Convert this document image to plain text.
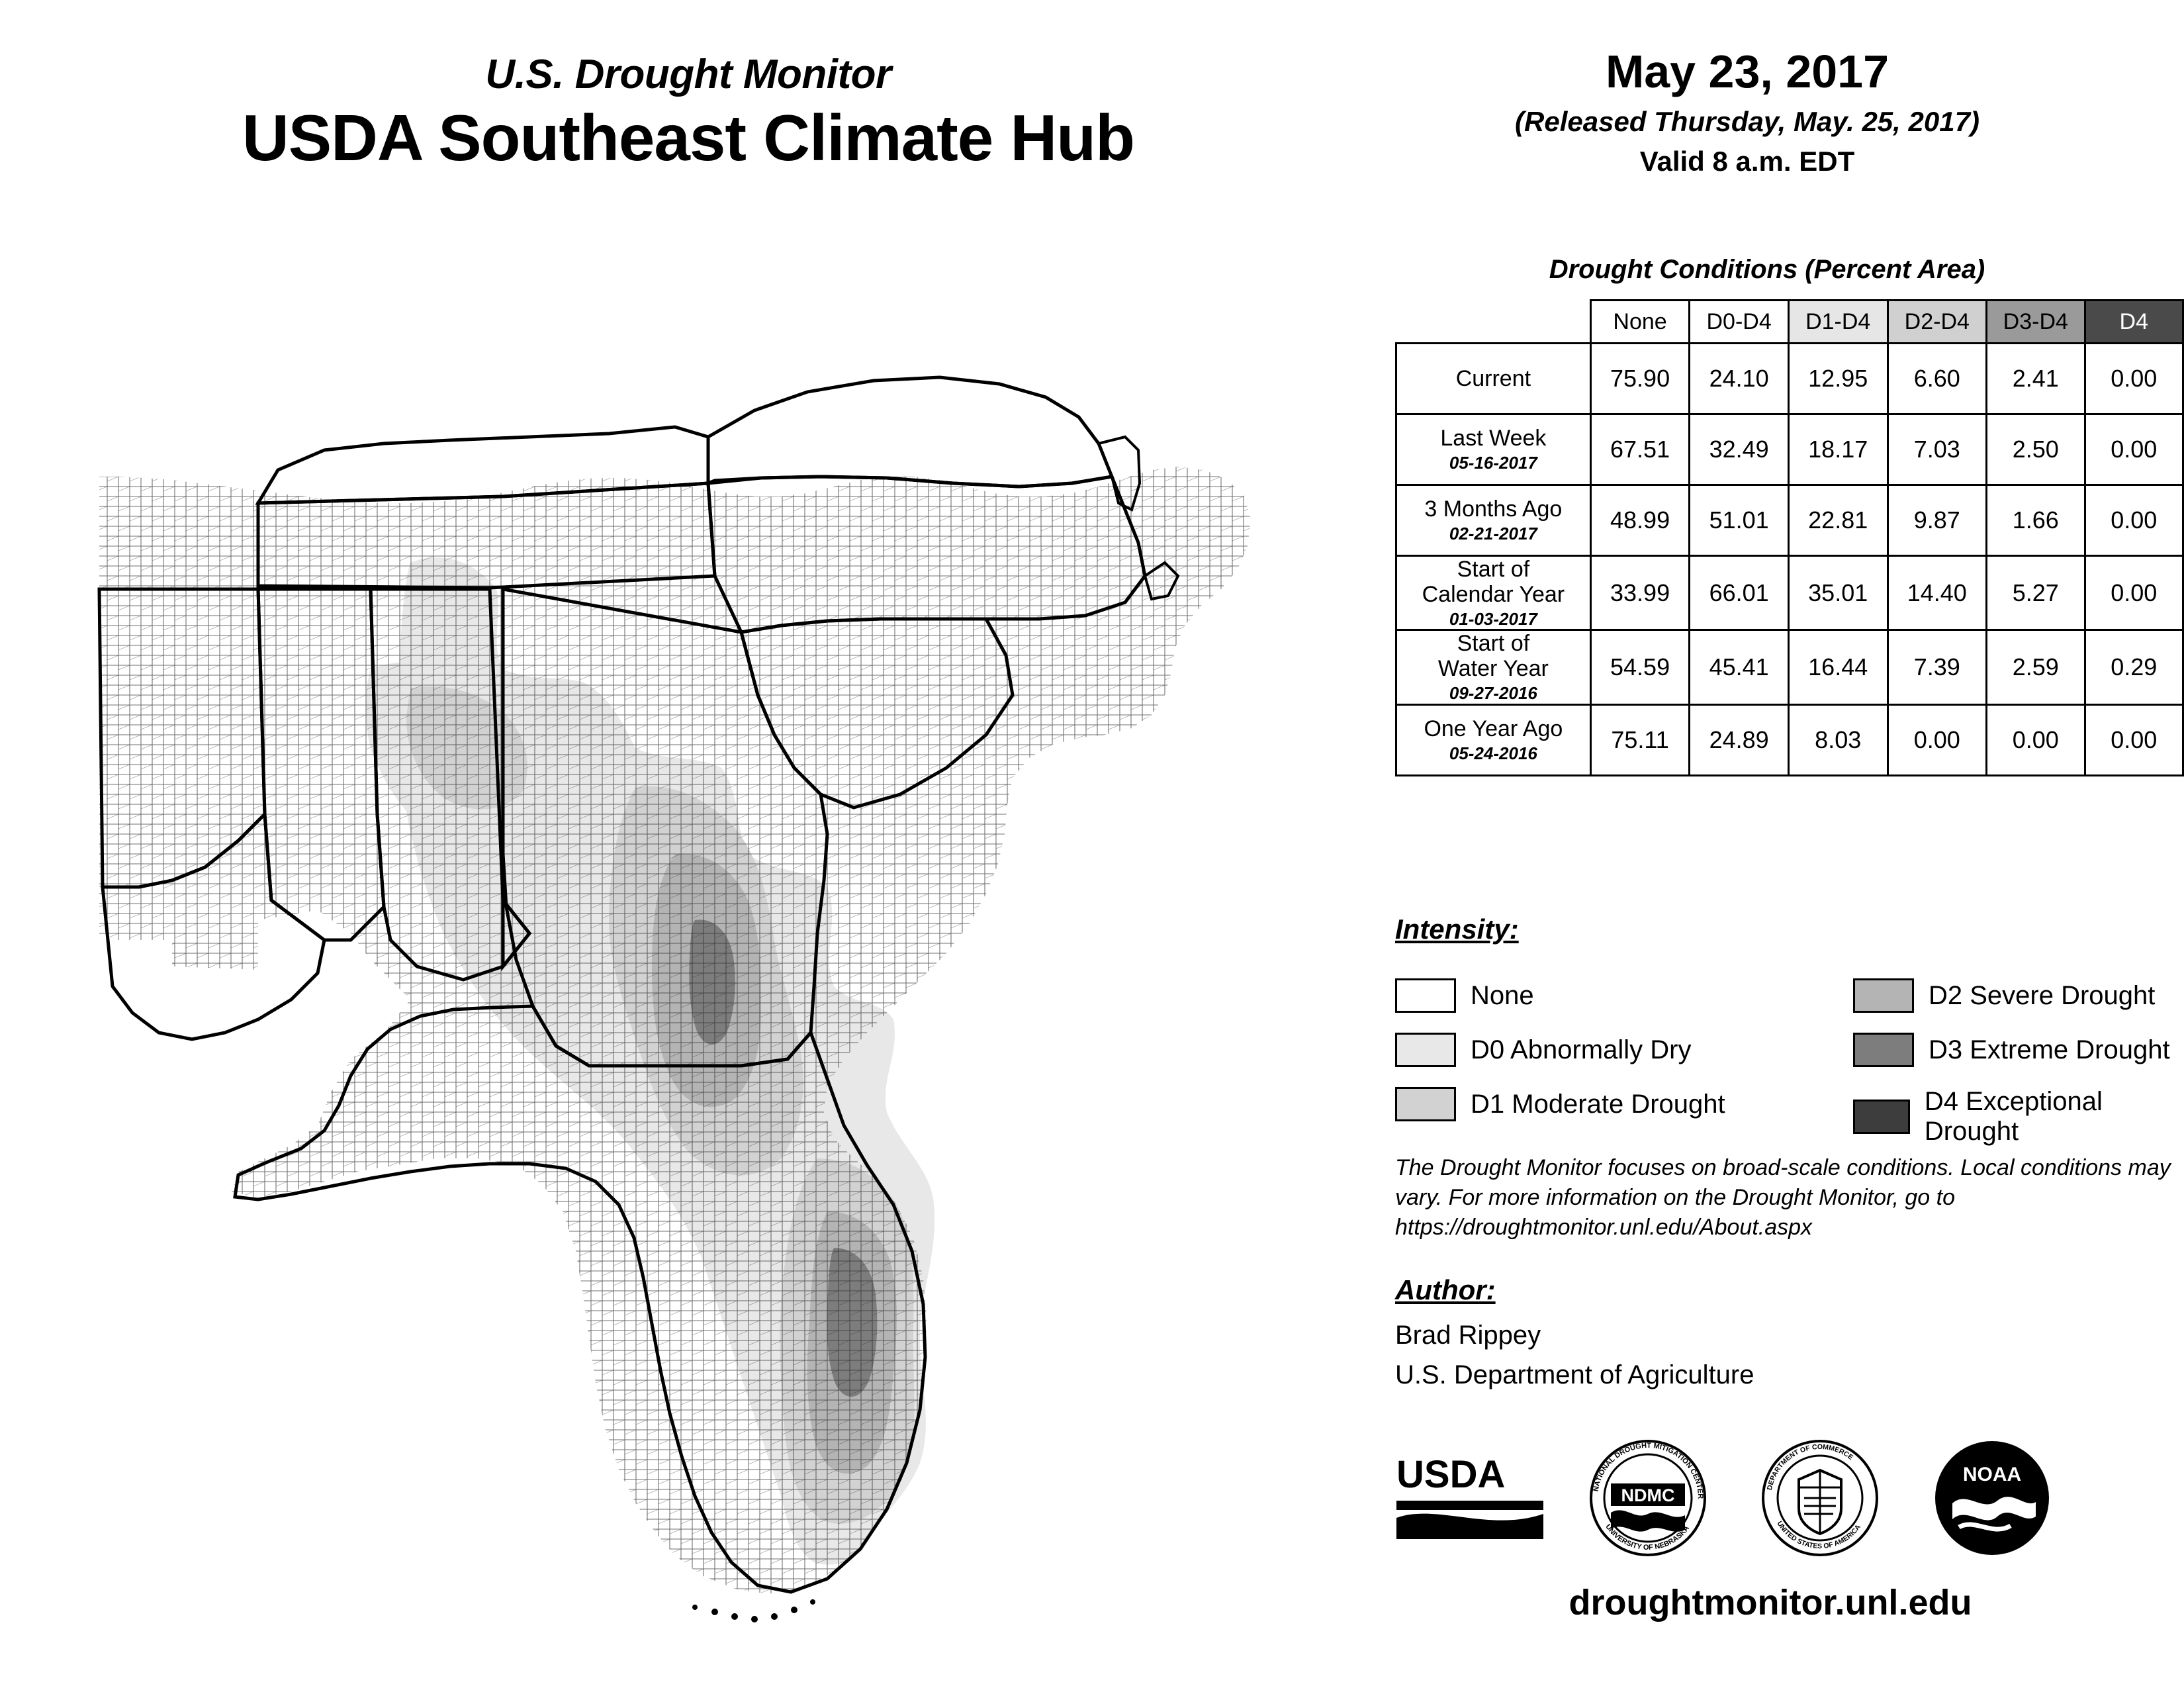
U.S. Drought Monitor
USDA Southeast Climate Hub
May 23, 2017
(Released Thursday, May. 25, 2017)
Valid 8 a.m. EDT
Drought Conditions (Percent Area)
	None	D0-D4	D1-D4	D2-D4	D3-D4	D4
Current	75.90	24.10	12.95	6.60	2.41	0.00
Last Week
05-16-2017	67.51	32.49	18.17	7.03	2.50	0.00
3 Months Ago
02-21-2017	48.99	51.01	22.81	9.87	1.66	0.00
Start of
Calendar Year
01-03-2017	33.99	66.01	35.01	14.40	5.27	0.00
Start of
Water Year
09-27-2016	54.59	45.41	16.44	7.39	2.59	0.29
One Year Ago
05-24-2016	75.11	24.89	8.03	0.00	0.00	0.00
Intensity:
None
D0 Abnormally Dry
D1 Moderate Drought
D2 Severe Drought
D3 Extreme Drought
D4 Exceptional Drought
The Drought Monitor focuses on broad-scale conditions. Local conditions may vary. For more information on the Drought Monitor, go to https://droughtmonitor.unl.edu/About.aspx
Author:
Brad Rippey
U.S. Department of Agriculture
USDA	NDMC
NATIONAL DROUGHT MITIGATION CENTER
UNIVERSITY OF NEBRASKA
DEPARTMENT OF COMMERCE
UNITED STATES OF AMERICA
NOAA
droughtmonitor.unl.edu
